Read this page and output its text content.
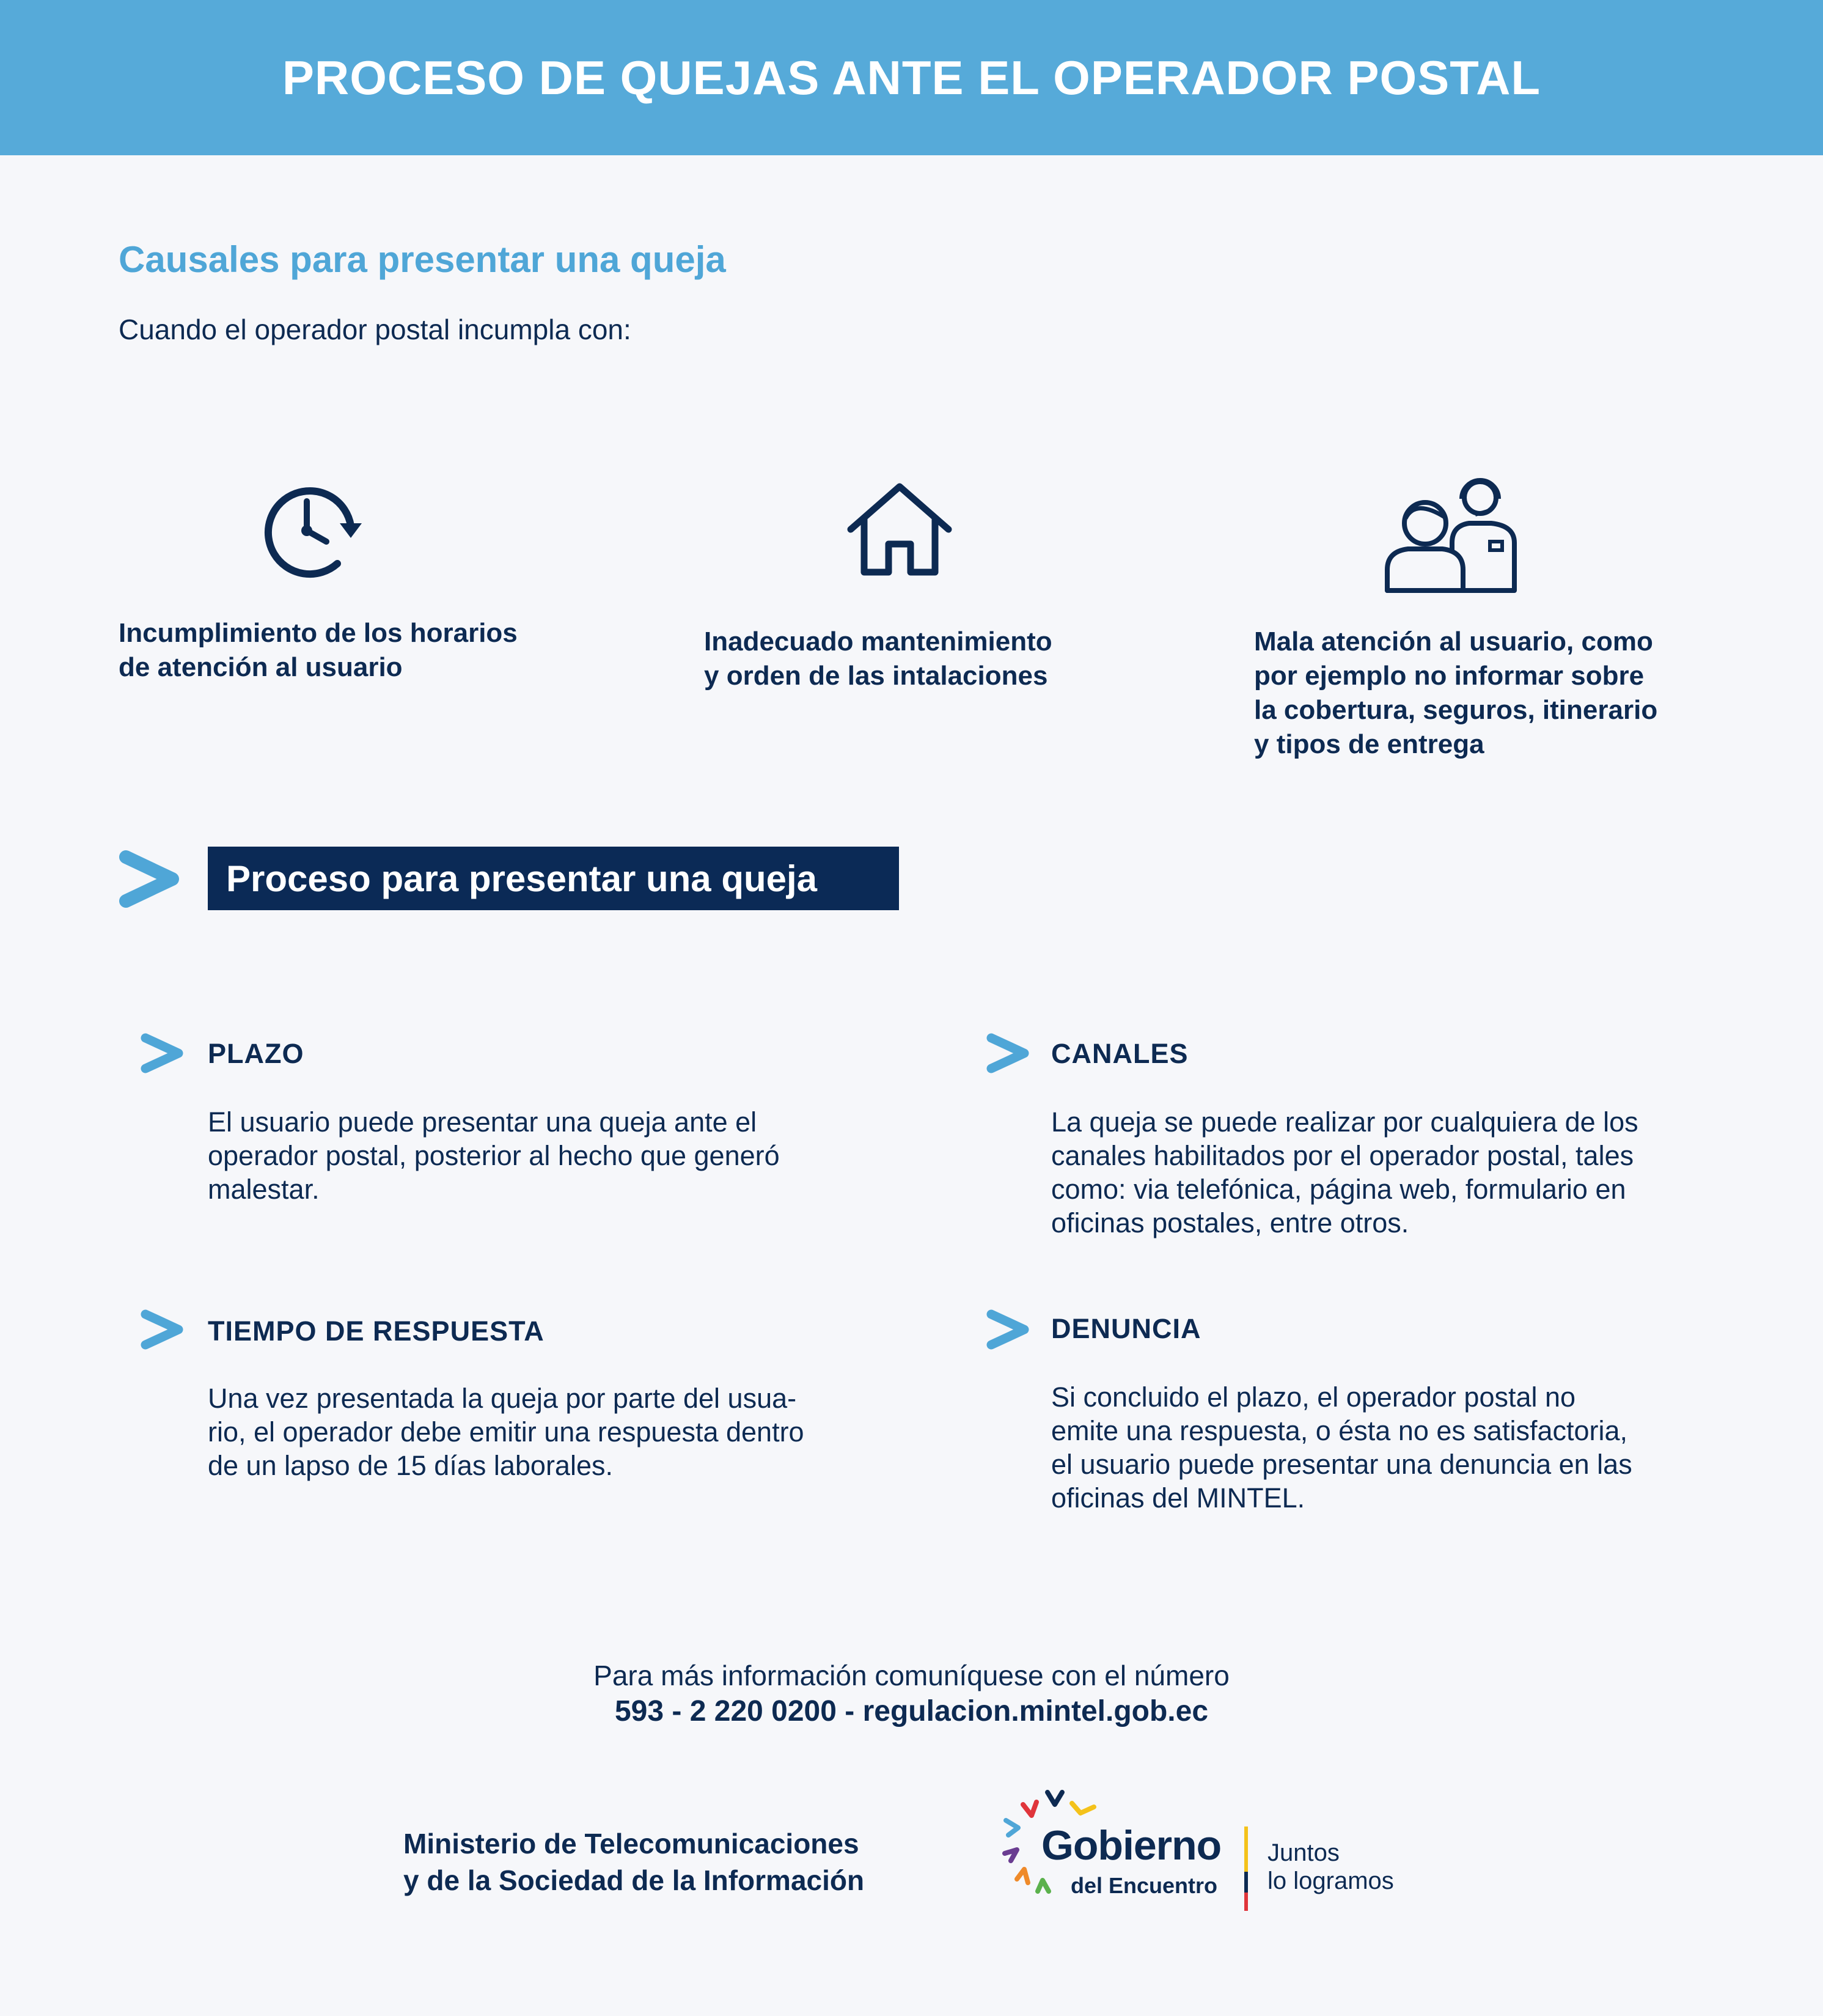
PROCESO DE QUEJAS ANTE EL OPERADOR POSTAL
Causales para presentar una queja
Cuando el operador postal incumpla con:
Incumplimiento de los horarios
de atención al usuario
Inadecuado mantenimiento
y orden de las intalaciones
Mala atención al usuario, como
por ejemplo no informar sobre
la cobertura, seguros, itinerario
y tipos de entrega
Proceso para presentar una queja
PLAZO
El usuario puede presentar una queja ante el
operador postal, posterior al hecho que generó
malestar.
CANALES
La queja se puede realizar por cualquiera de los
canales habilitados por el operador postal, tales
como: via telefónica, página web, formulario en
oficinas postales, entre otros.
TIEMPO DE RESPUESTA
Una vez presentada la queja por parte del usua-
rio, el operador debe emitir una respuesta dentro
de un lapso de 15 días laborales.
DENUNCIA
Si concluido el plazo, el operador postal no
emite una respuesta, o ésta no es satisfactoria,
el usuario puede presentar una denuncia en las
oficinas del MINTEL.
Para más información comuníquese con el número
593 - 2 220 0200 - regulacion.mintel.gob.ec
Ministerio de Telecomunicaciones
y de la Sociedad de la Información
Gobierno
del Encuentro
Juntos
lo logramos
